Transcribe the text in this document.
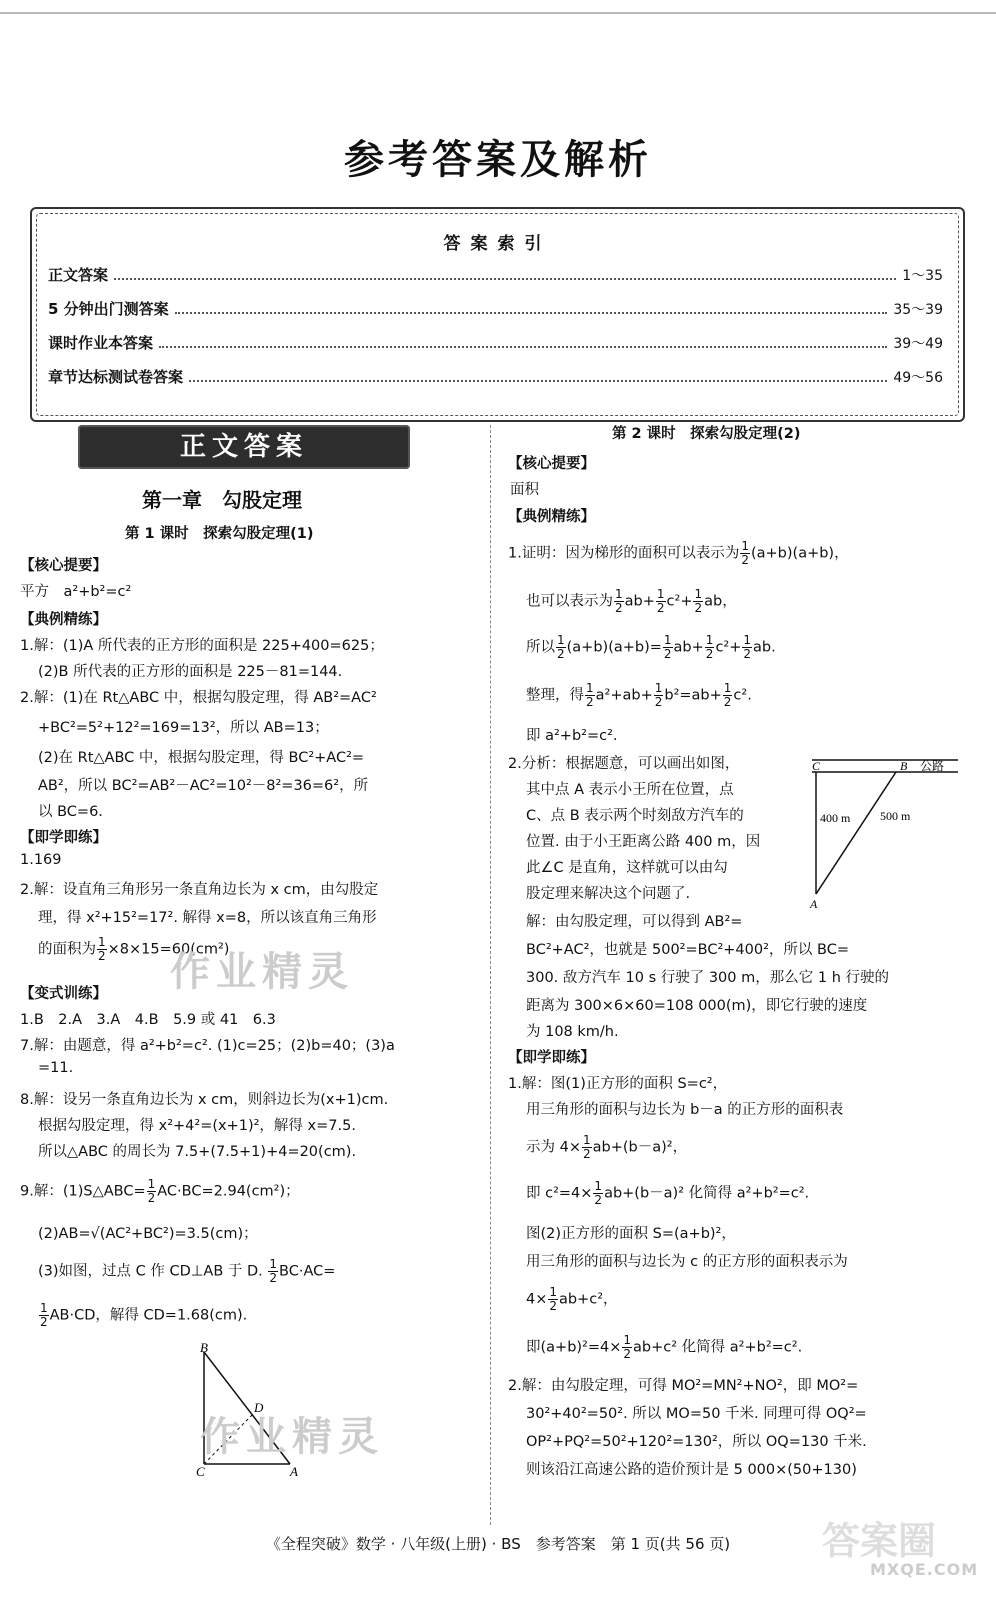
参考答案及解析
答案索引
正文答案	1～35
5 分钟出门测答案	35～39
课时作业本答案	39～49
章节达标测试卷答案	49～56
正文答案
第一章　勾股定理
第 1 课时　探索勾股定理(1)
【核心提要】
平方　a²+b²=c²
【典例精练】
1.解：(1)A 所代表的正方形的面积是 225+400=625；
(2)B 所代表的正方形的面积是 225－81=144.
2.解：(1)在 Rt△ABC 中，根据勾股定理，得 AB²=AC²
+BC²=5²+12²=169=13²，所以 AB=13；
(2)在 Rt△ABC 中，根据勾股定理，得 BC²+AC²=
AB²，所以 BC²=AB²－AC²=10²－8²=36=6²，所
以 BC=6.
【即学即练】
1.169
2.解：设直角三角形另一条直角边长为 x cm，由勾股定
理，得 x²+15²=17². 解得 x=8，所以该直角三角形
的面积为 $\frac{1}{2} \times 8\times 15=60(cm^2)$.
【变式训练】
1.B　2.A　3.A　4.B　5.9 或 41　6.3
7.解：由题意，得 a²+b²=c². (1)c=25；(2)b=40；(3)a
=11.
8.解：设另一条直角边长为 x cm，则斜边长为(x+1)cm.
根据勾股定理，得 x²+4²=(x+1)²，解得 x=7.5.
所以△ABC 的周长为 7.5+(7.5+1)+4=20(cm).
9.解：(1)S△ABC= $\frac{1}{2} AC\cdot BC=2.94(cm^2)$；
(2)AB=√(AC²+BC²)=3.5(cm)；
(3)如图，过点 C 作 CD⊥AB 于 D. $\frac{1}{2} BC\cdot AC=$
$\frac{1}{2} AB\cdot CD$，解得 CD=1.68(cm).
B
D
C	A
作业精灵
作业精灵
第 2 课时　探索勾股定理(2)
【核心提要】
面积
【典例精练】
1.证明：因为梯形的面积可以表示为 $\frac{1}{2} (a+b)(a+b)$，
也可以表示为 $\frac{1}{2} ab+ \frac{1}{2} c^2+ \frac{1}{2}$ ab，
所以 $\frac{1}{2} (a+b)(a+b)= \frac{1}{2} ab+ \frac{1}{2} c^2+ \frac{1}{2}$ ab.
整理，得 $\frac{1}{2} a^2+ab+ \frac{1}{2} b^2=ab+ \frac{1}{2} c^2$.
即 a²+b²=c².
2.分析：根据题意，可以画出如图，
其中点 A 表示小王所在位置，点
C、点 B 表示两个时刻敌方汽车的
位置. 由于小王距离公路 400 m，因
此∠C 是直角，这样就可以由勾
股定理来解决这个问题了.
解：由勾股定理，可以得到 AB²=
BC²+AC²，也就是 500²=BC²+400²，所以 BC=
300. 敌方汽车 10 s 行驶了 300 m，那么它 1 h 行驶的
距离为 300×6×60=108 000(m)，即它行驶的速度
为 108 km/h.
C	B 公路
400 m 500 m
A
【即学即练】
1.解：图(1)正方形的面积 S=c²，
用三角形的面积与边长为 b－a 的正方形的面积表
示为 $4\times \frac{1}{2} ab+(b-a)^2$，
即 $c^2=4\times \frac{1}{2} ab+(b-a)^2$ 化简得 a²+b²=c².
图(2)正方形的面积 S=(a+b)²，
用三角形的面积与边长为 c 的正方形的面积表示为
$4\times \frac{1}{2} ab+c^2$，
即$(a+b)^2=4\times \frac{1}{2} ab+c^2$ 化简得 a²+b²=c².
2.解：由勾股定理，可得 MO²=MN²+NO²，即 MO²=
30²+40²=50². 所以 MO=50 千米. 同理可得 OQ²=
OP²+PQ²=50²+120²=130²，所以 OQ=130 千米.
则该沿江高速公路的造价预计是 5 000×(50+130)
《全程突破》数学 · 八年级(上册) · BS　参考答案　第 1 页(共 56 页)	答案圈
MXQE.COM
